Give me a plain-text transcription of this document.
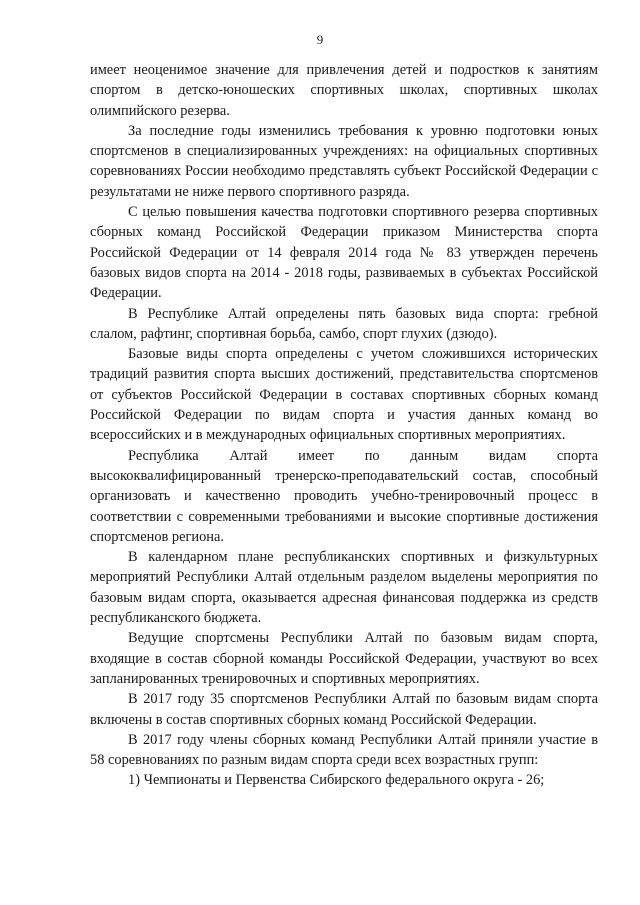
9

имеет неоценимое значение для привлечения детей и подростков к занятиям спортом в детско-юношеских спортивных школах, спортивных школах олимпийского резерва.

За последние годы изменились требования к уровню подготовки юных спортсменов в специализированных учреждениях: на официальных спортивных соревнованиях России необходимо представлять субъект Российской Федерации с результатами не ниже первого спортивного разряда.

С целью повышения качества подготовки спортивного резерва спортивных сборных команд Российской Федерации приказом Министерства спорта Российской Федерации от 14 февраля 2014 года № 83 утвержден перечень базовых видов спорта на 2014 - 2018 годы, развиваемых в субъектах Российской Федерации.

В Республике Алтай определены пять базовых вида спорта: гребной слалом, рафтинг, спортивная борьба, самбо, спорт глухих (дзюдо).

Базовые виды спорта определены с учетом сложившихся исторических традиций развития спорта высших достижений, представительства спортсменов от субъектов Российской Федерации в составах спортивных сборных команд Российской Федерации по видам спорта и участия данных команд во всероссийских и в международных официальных спортивных мероприятиях.

Республика Алтай имеет по данным видам спорта высококвалифицированный тренерско-преподавательский состав, способный организовать и качественно проводить учебно-тренировочный процесс в соответствии с современными требованиями и высокие спортивные достижения спортсменов региона.

В календарном плане республиканских спортивных и физкультурных мероприятий Республики Алтай отдельным разделом выделены мероприятия по базовым видам спорта, оказывается адресная финансовая поддержка из средств республиканского бюджета.

Ведущие спортсмены Республики Алтай по базовым видам спорта, входящие в состав сборной команды Российской Федерации, участвуют во всех запланированных тренировочных и спортивных мероприятиях.

В 2017 году 35 спортсменов Республики Алтай по базовым видам спорта включены в состав спортивных сборных команд Российской Федерации.

В 2017 году члены сборных команд Республики Алтай приняли участие в 58 соревнованиях по разным видам спорта среди всех возрастных групп:

1) Чемпионаты и Первенства Сибирского федерального округа - 26;
